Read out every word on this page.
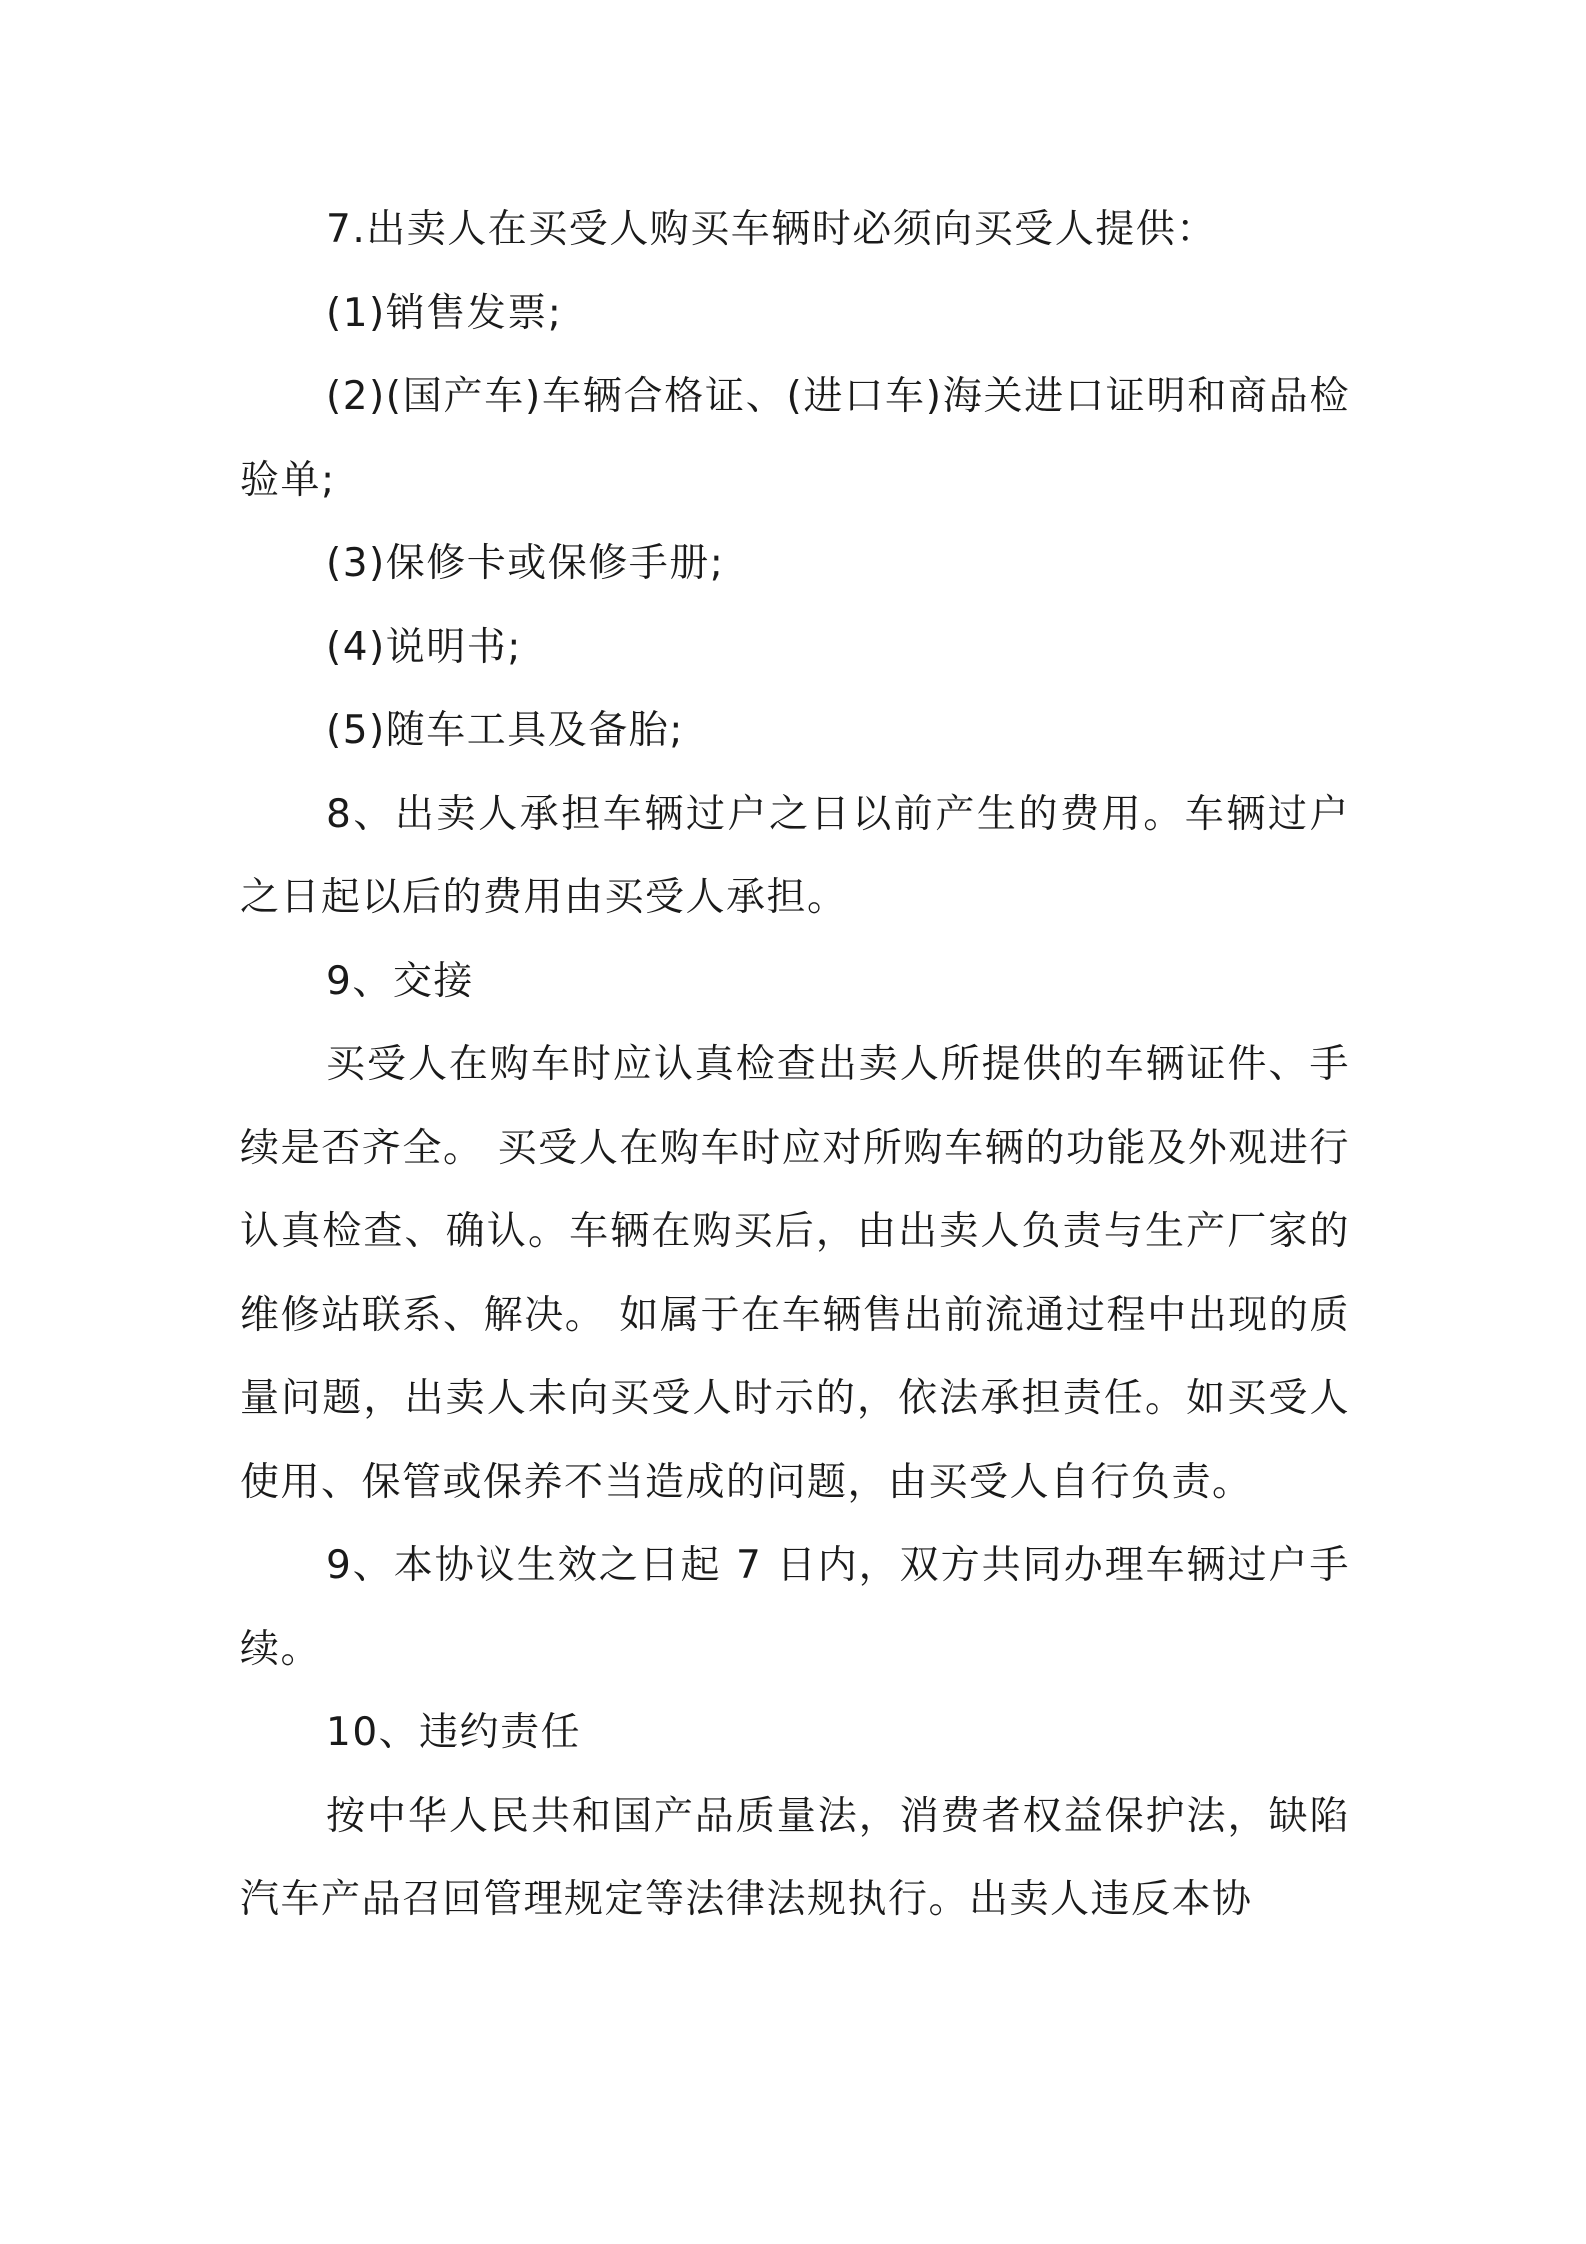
7.出卖人在买受人购买车辆时必须向买受人提供：

(1)销售发票;

(2)(国产车)车辆合格证、(进口车)海关进口证明和商品检验单;

(3)保修卡或保修手册;

(4)说明书;

(5)随车工具及备胎;

8、出卖人承担车辆过户之日以前产生的费用。车辆过户之日起以后的费用由买受人承担。

9、交接

买受人在购车时应认真检查出卖人所提供的车辆证件、手续是否齐全。 买受人在购车时应对所购车辆的功能及外观进行认真检查、确认。车辆在购买后，由出卖人负责与生产厂家的维修站联系、解决。 如属于在车辆售出前流通过程中出现的质量问题，出卖人未向买受人时示的，依法承担责任。如买受人使用、保管或保养不当造成的问题，由买受人自行负责。

9、本协议生效之日起 7 日内，双方共同办理车辆过户手续。

10、违约责任

按中华人民共和国产品质量法，消费者权益保护法，缺陷汽车产品召回管理规定等法律法规执行。出卖人违反本协
